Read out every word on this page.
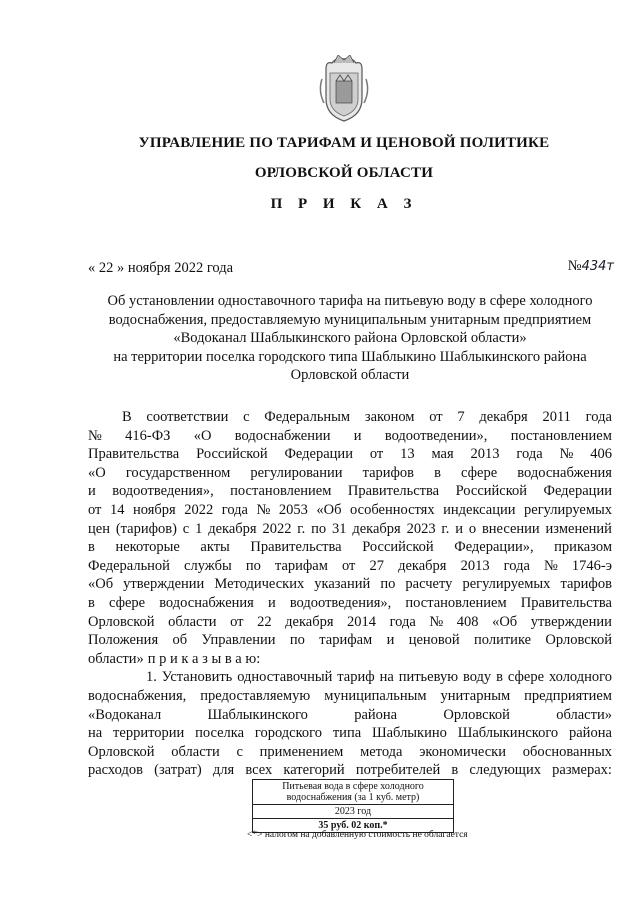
УПРАВЛЕНИЕ ПО ТАРИФАМ И ЦЕНОВОЙ ПОЛИТИКЕ
ОРЛОВСКОЙ ОБЛАСТИ
П Р И К А З
« 22 » ноября 2022 года	№434т
Об установлении одноставочного тарифа на питьевую воду в сфере холодного
водоснабжения, предоставляемую муниципальным унитарным предприятием
«Водоканал Шаблыкинского района Орловской области»
на территории поселка городского типа Шаблыкино Шаблыкинского района
Орловской области
В соответствии с Федеральным законом от 7 декабря 2011 года
№ 416-ФЗ «О водоснабжении и водоотведении», постановлением
Правительства Российской Федерации от 13 мая 2013 года № 406
«О государственном регулировании тарифов в сфере водоснабжения
и водоотведения», постановлением Правительства Российской Федерации
от 14 ноября 2022 года № 2053 «Об особенностях индексации регулируемых
цен (тарифов) с 1 декабря 2022 г. по 31 декабря 2023 г. и о внесении изменений
в некоторые акты Правительства Российской Федерации», приказом
Федеральной службы по тарифам от 27 декабря 2013 года № 1746-э
«Об утверждении Методических указаний по расчету регулируемых тарифов
в сфере водоснабжения и водоотведения», постановлением Правительства
Орловской области от 22 декабря 2014 года № 408 «Об утверждении
Положения об Управлении по тарифам и ценовой политике Орловской
области» п р и к а з ы в а ю:
1. Установить одноставочный тариф на питьевую воду в сфере холодного
водоснабжения, предоставляемую муниципальным унитарным предприятием
«Водоканал	Шаблыкинского	района	Орловской	области»
на территории поселка городского типа Шаблыкино Шаблыкинского района
Орловской области с применением метода экономически обоснованных
расходов (затрат) для всех категорий потребителей в следующих размерах:
Питьевая вода в сфере холодного водоснабжения (за 1 куб. метр)
2023 год
35 руб. 02 коп.*
<*> налогом на добавленную стоимость не облагается
